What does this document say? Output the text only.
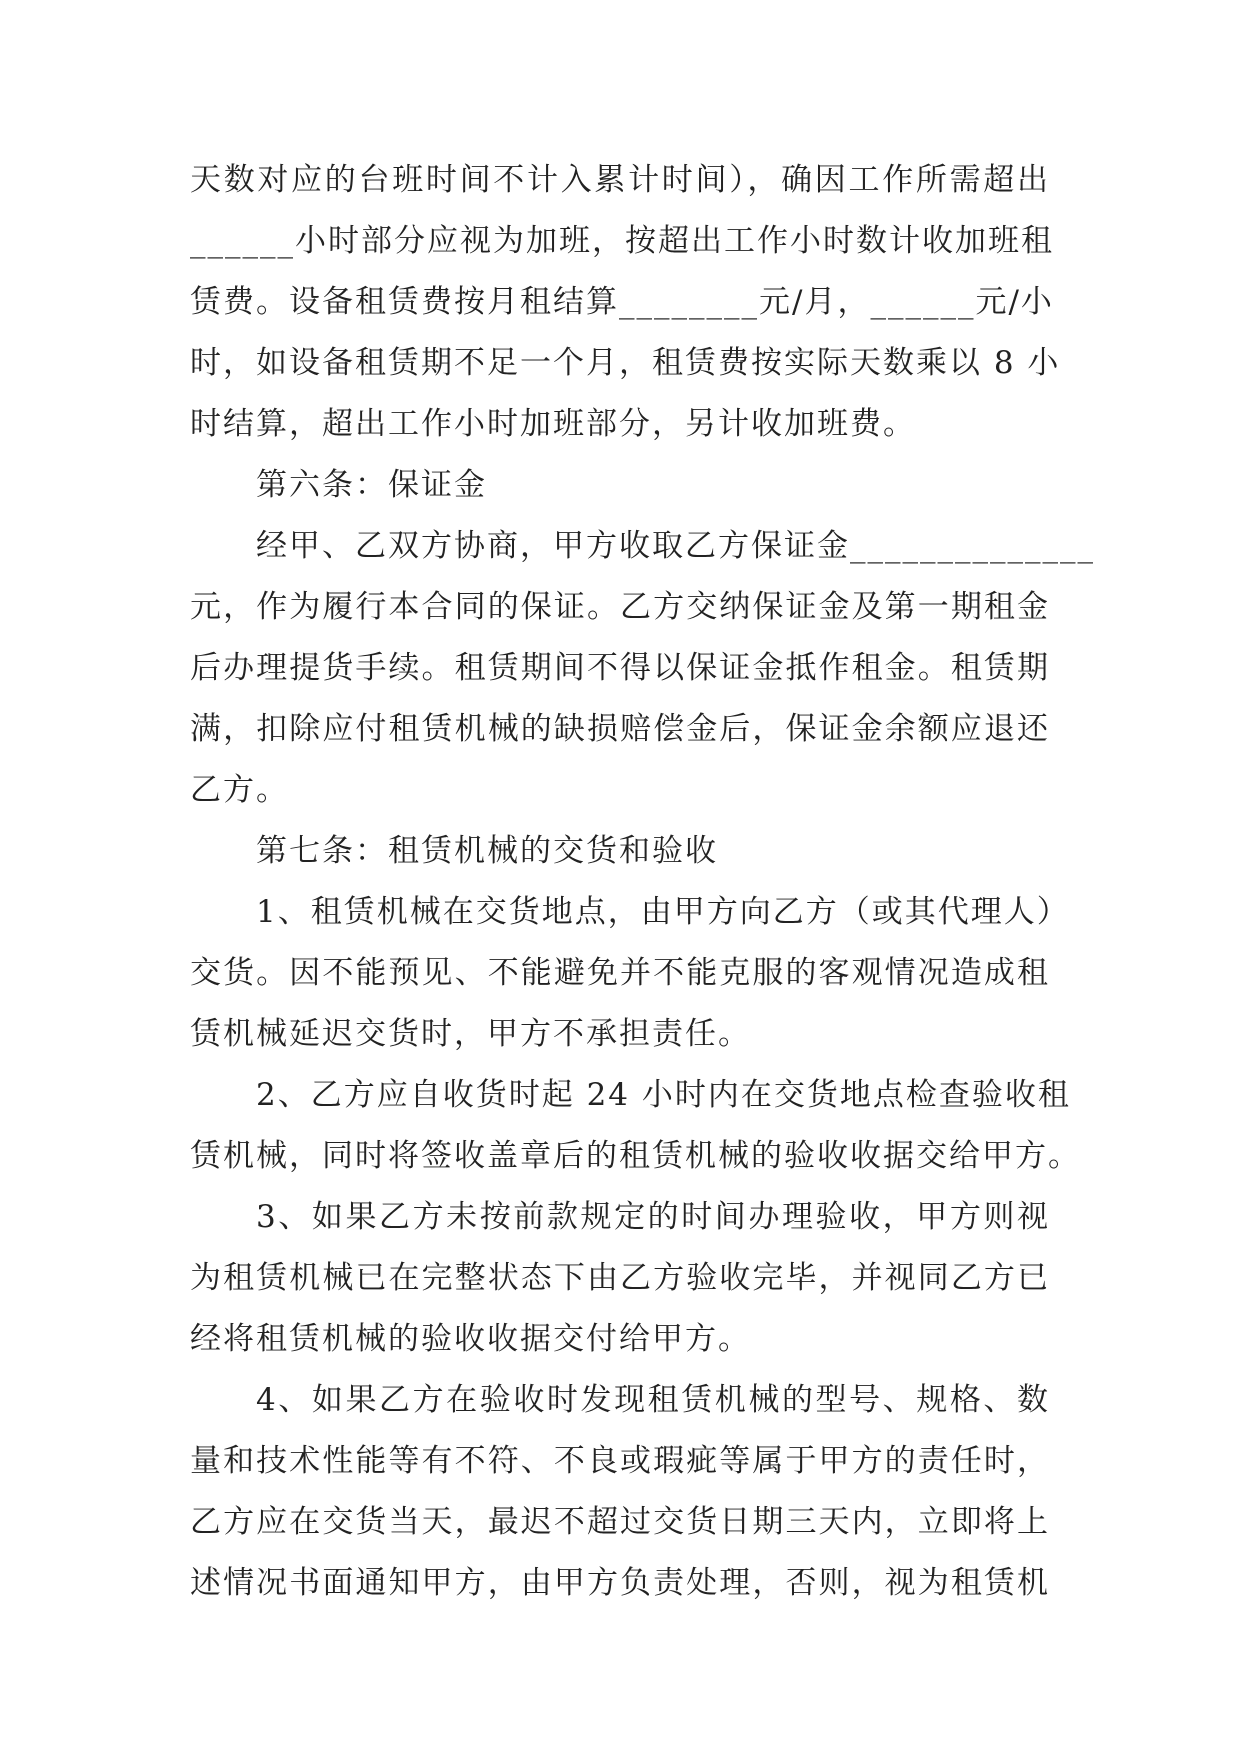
天数对应的台班时间不计入累计时间），确因工作所需超出
______小时部分应视为加班，按超出工作小时数计收加班租
赁费。设备租赁费按月租结算________元/月，______元/小
时，如设备租赁期不足一个月，租赁费按实际天数乘以 8 小
时结算，超出工作小时加班部分，另计收加班费。
第六条：保证金
经甲、乙双方协商，甲方收取乙方保证金______________
元，作为履行本合同的保证。乙方交纳保证金及第一期租金
后办理提货手续。租赁期间不得以保证金抵作租金。租赁期
满，扣除应付租赁机械的缺损赔偿金后，保证金余额应退还
乙方。
第七条：租赁机械的交货和验收
1、租赁机械在交货地点，由甲方向乙方（或其代理人）
交货。因不能预见、不能避免并不能克服的客观情况造成租
赁机械延迟交货时，甲方不承担责任。
2、乙方应自收货时起 24 小时内在交货地点检查验收租
赁机械，同时将签收盖章后的租赁机械的验收收据交给甲方。
3、如果乙方未按前款规定的时间办理验收，甲方则视
为租赁机械已在完整状态下由乙方验收完毕，并视同乙方已
经将租赁机械的验收收据交付给甲方。
4、如果乙方在验收时发现租赁机械的型号、规格、数
量和技术性能等有不符、不良或瑕疵等属于甲方的责任时，
乙方应在交货当天，最迟不超过交货日期三天内，立即将上
述情况书面通知甲方，由甲方负责处理，否则，视为租赁机
